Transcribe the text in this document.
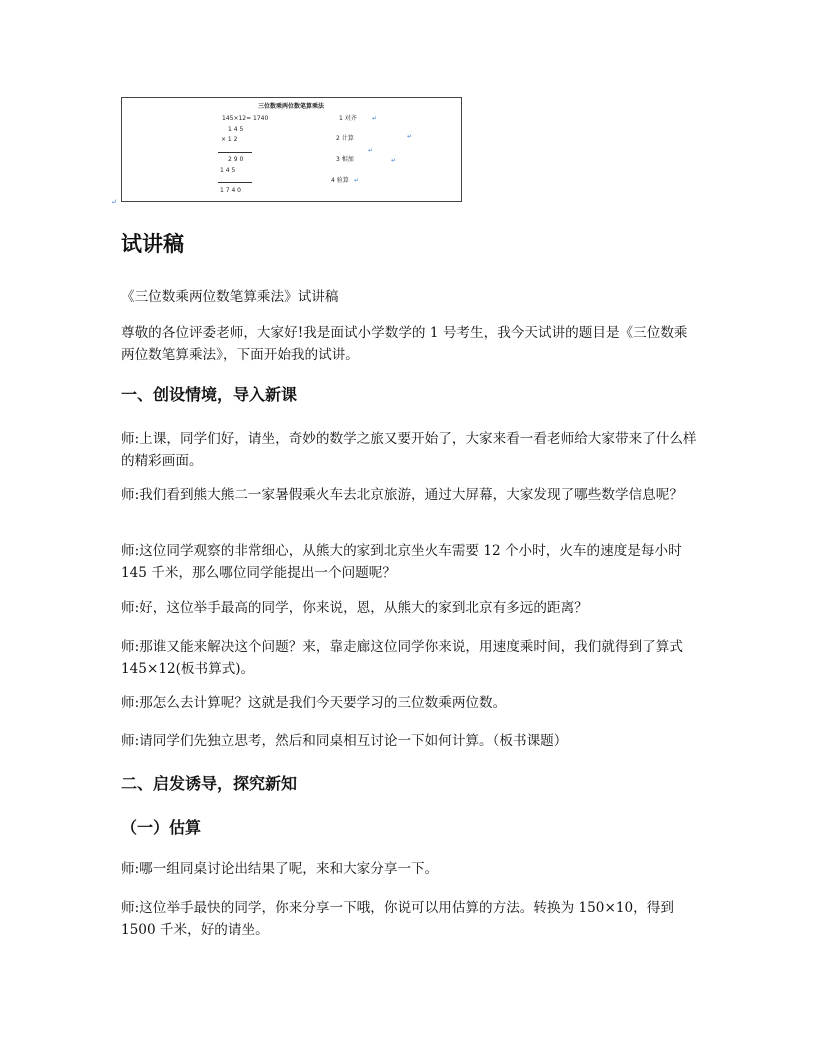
三位数乘两位数笔算乘法
145×12= 1740
1 4 5
× 1 2
2 9 0
1 4 5
1 7 4 0
1 对齐
2 计算
3 相加
4 验算
↵
↵
↵
↵
↵
↵
试讲稿

《三位数乘两位数笔算乘法》试讲稿

尊敬的各位评委老师，大家好!我是面试小学数学的 1 号考生，我今天试讲的题目是《三位数乘两位数笔算乘法》，下面开始我的试讲。

一、创设情境，导入新课

师:上课，同学们好，请坐，奇妙的数学之旅又要开始了，大家来看一看老师给大家带来了什么样的精彩画面。

师:我们看到熊大熊二一家暑假乘火车去北京旅游，通过大屏幕，大家发现了哪些数学信息呢？

师:这位同学观察的非常细心，从熊大的家到北京坐火车需要 12 个小时，火车的速度是每小时 145 千米，那么哪位同学能提出一个问题呢？

师:好，这位举手最高的同学，你来说，恩，从熊大的家到北京有多远的距离？

师:那谁又能来解决这个问题？来，靠走廊这位同学你来说，用速度乘时间，我们就得到了算式 145×12(板书算式)。

师:那怎么去计算呢？这就是我们今天要学习的三位数乘两位数。

师:请同学们先独立思考，然后和同桌相互讨论一下如何计算。（板书课题）

二、启发诱导，探究新知
（一）估算

师:哪一组同桌讨论出结果了呢，来和大家分享一下。

师:这位举手最快的同学，你来分享一下哦，你说可以用估算的方法。转换为 150×10，得到 1500 千米，好的请坐。
